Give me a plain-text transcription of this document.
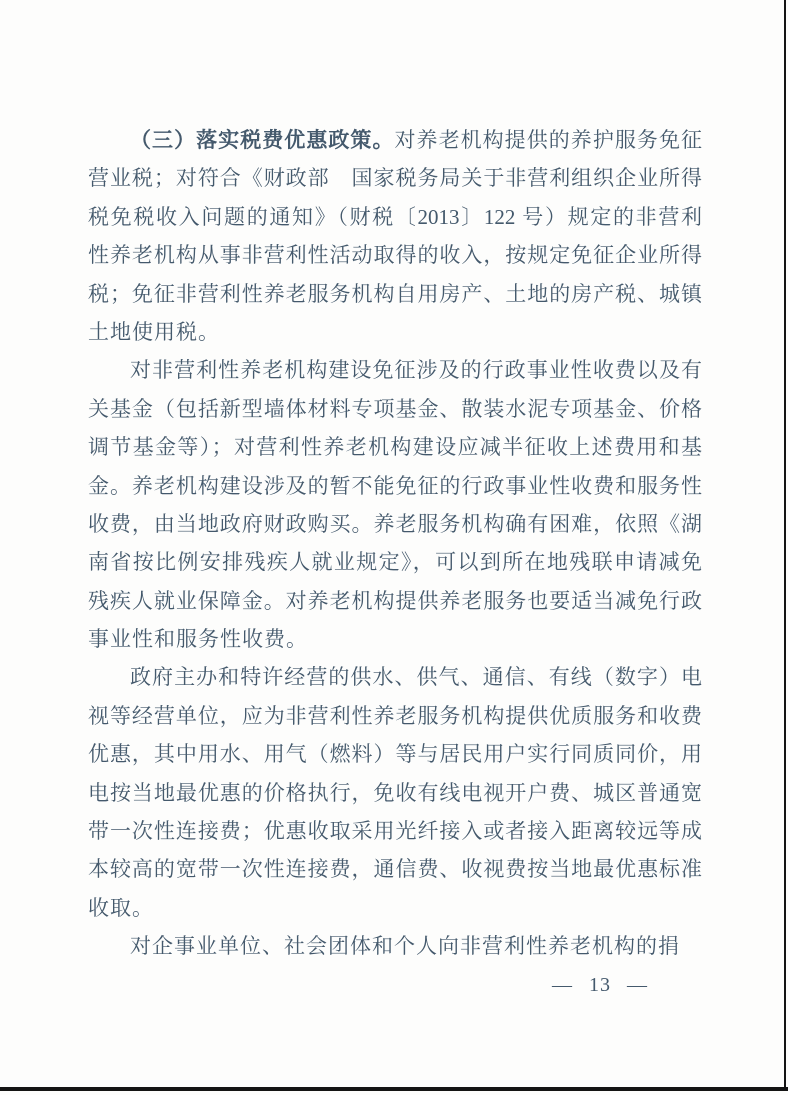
（三）落实税费优惠政策。对养老机构提供的养护服务免征
营业税；对符合《财政部　国家税务局关于非营利组织企业所得
税免税收入问题的通知》（财税〔2013〕122 号）规定的非营利
性养老机构从事非营利性活动取得的收入，按规定免征企业所得
税；免征非营利性养老服务机构自用房产、土地的房产税、城镇
土地使用税。
对非营利性养老机构建设免征涉及的行政事业性收费以及有
关基金（包括新型墙体材料专项基金、散装水泥专项基金、价格
调节基金等）；对营利性养老机构建设应减半征收上述费用和基
金。养老机构建设涉及的暂不能免征的行政事业性收费和服务性
收费，由当地政府财政购买。养老服务机构确有困难，依照《湖
南省按比例安排残疾人就业规定》，可以到所在地残联申请减免
残疾人就业保障金。对养老机构提供养老服务也要适当减免行政
事业性和服务性收费。
政府主办和特许经营的供水、供气、通信、有线（数字）电
视等经营单位，应为非营利性养老服务机构提供优质服务和收费
优惠，其中用水、用气（燃料）等与居民用户实行同质同价，用
电按当地最优惠的价格执行，免收有线电视开户费、城区普通宽
带一次性连接费；优惠收取采用光纤接入或者接入距离较远等成
本较高的宽带一次性连接费，通信费、收视费按当地最优惠标准
收取。
对企事业单位、社会团体和个人向非营利性养老机构的捐
— 13 —
